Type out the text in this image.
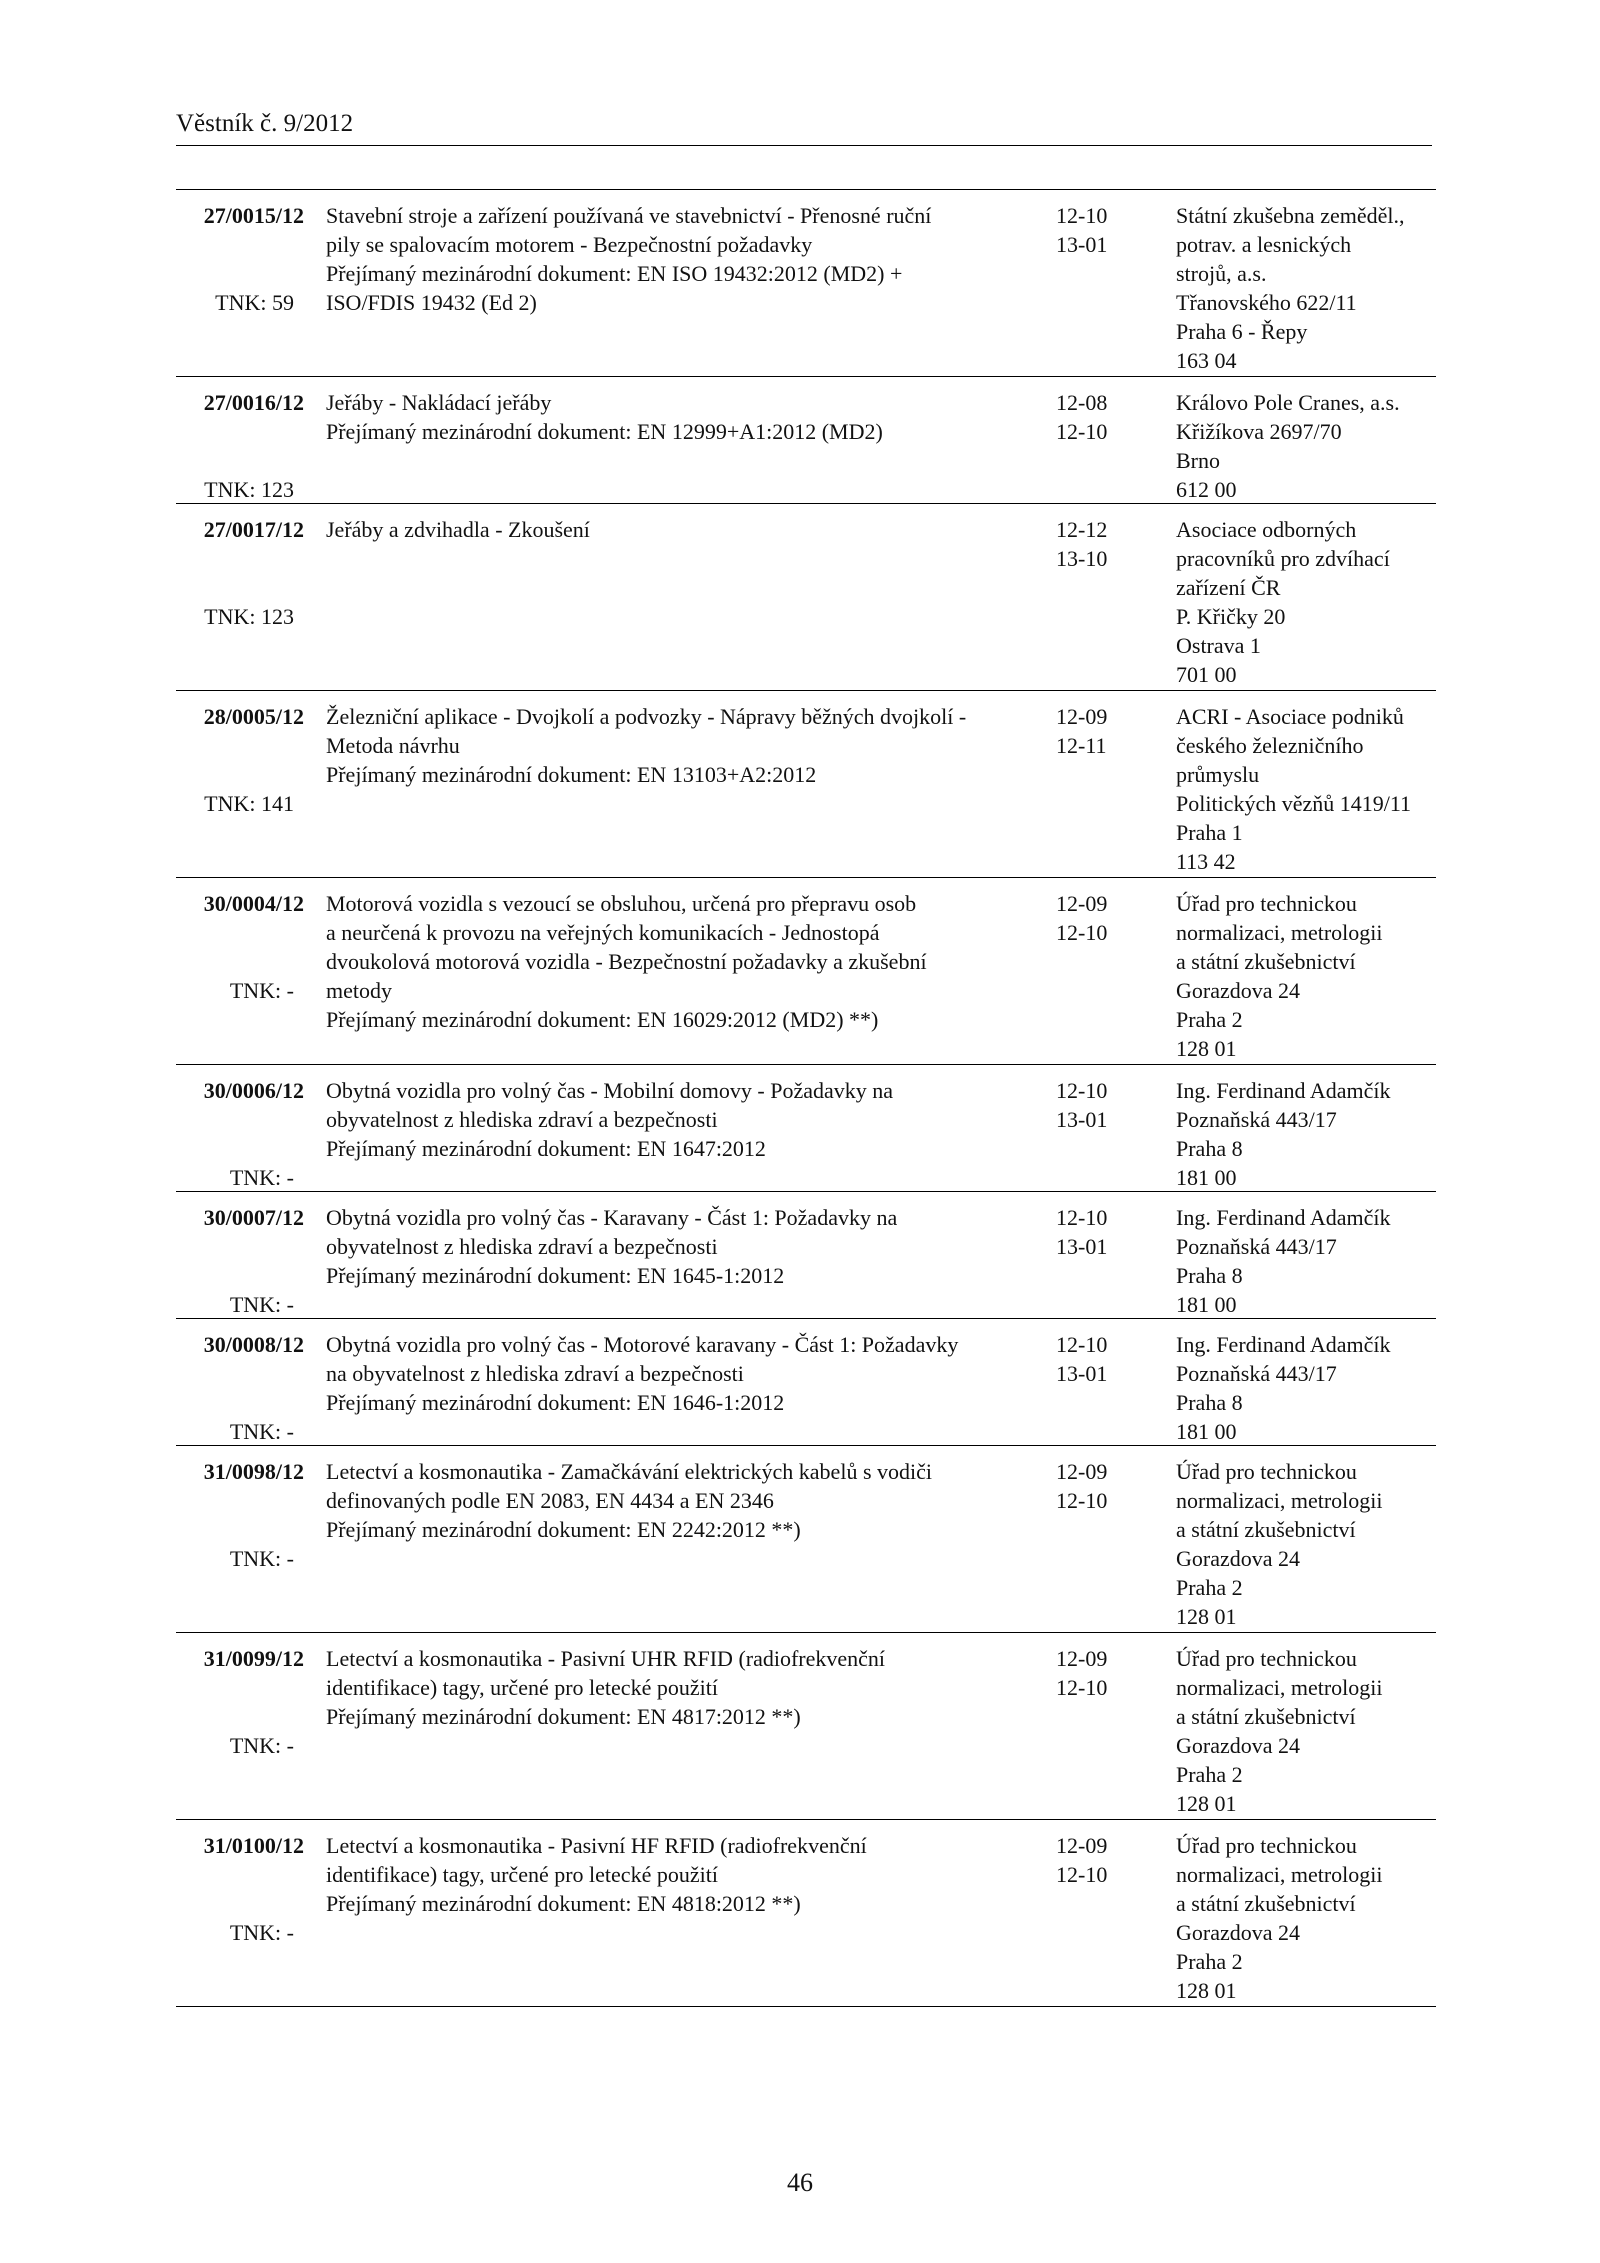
Věstník č. 9/2012
27/0015/12
TNK: 59
Stavební stroje a zařízení používaná ve stavebnictví - Přenosné ruční
pily se spalovacím motorem - Bezpečnostní požadavky
Přejímaný mezinárodní dokument: EN ISO 19432:2012 (MD2) +
ISO/FDIS 19432 (Ed 2)
12-10
13-01
Státní zkušebna zeměděl.,
potrav. a lesnických
strojů, a.s.
Třanovského 622/11
Praha 6 - Řepy
163 04
27/0016/12
TNK: 123
Jeřáby - Nakládací jeřáby
Přejímaný mezinárodní dokument: EN 12999+A1:2012 (MD2)
12-08
12-10
Královo Pole Cranes, a.s.
Křižíkova 2697/70
Brno
612 00
27/0017/12
TNK: 123
Jeřáby a zdvihadla - Zkoušení	12-12
13-10
Asociace odborných
pracovníků pro zdvíhací
zařízení ČR
P. Křičky 20
Ostrava 1
701 00
28/0005/12
TNK: 141
Železniční aplikace - Dvojkolí a podvozky - Nápravy běžných dvojkolí -
Metoda návrhu
Přejímaný mezinárodní dokument: EN 13103+A2:2012
12-09
12-11
ACRI - Asociace podniků
českého železničního
průmyslu
Politických vězňů 1419/11
Praha 1
113 42
30/0004/12
TNK: -
Motorová vozidla s vezoucí se obsluhou, určená pro přepravu osob
a neurčená k provozu na veřejných komunikacích - Jednostopá
dvoukolová motorová vozidla - Bezpečnostní požadavky a zkušební
metody
Přejímaný mezinárodní dokument: EN 16029:2012 (MD2) **)
12-09
12-10
Úřad pro technickou
normalizaci, metrologii
a státní zkušebnictví
Gorazdova 24
Praha 2
128 01
30/0006/12
TNK: -
Obytná vozidla pro volný čas - Mobilní domovy - Požadavky na
obyvatelnost z hlediska zdraví a bezpečnosti
Přejímaný mezinárodní dokument: EN 1647:2012
12-10
13-01
Ing. Ferdinand Adamčík
Poznaňská 443/17
Praha 8
181 00
30/0007/12
TNK: -
Obytná vozidla pro volný čas - Karavany - Část 1: Požadavky na
obyvatelnost z hlediska zdraví a bezpečnosti
Přejímaný mezinárodní dokument: EN 1645-1:2012
12-10
13-01
Ing. Ferdinand Adamčík
Poznaňská 443/17
Praha 8
181 00
30/0008/12
TNK: -
Obytná vozidla pro volný čas - Motorové karavany - Část 1: Požadavky
na obyvatelnost z hlediska zdraví a bezpečnosti
Přejímaný mezinárodní dokument: EN 1646-1:2012
12-10
13-01
Ing. Ferdinand Adamčík
Poznaňská 443/17
Praha 8
181 00
31/0098/12
TNK: -
Letectví a kosmonautika - Zamačkávání elektrických kabelů s vodiči
definovaných podle EN 2083, EN 4434 a EN 2346
Přejímaný mezinárodní dokument: EN 2242:2012 **)
12-09
12-10
Úřad pro technickou
normalizaci, metrologii
a státní zkušebnictví
Gorazdova 24
Praha 2
128 01
31/0099/12
TNK: -
Letectví a kosmonautika - Pasivní UHR RFID (radiofrekvenční
identifikace) tagy, určené pro letecké použití
Přejímaný mezinárodní dokument: EN 4817:2012 **)
12-09
12-10
Úřad pro technickou
normalizaci, metrologii
a státní zkušebnictví
Gorazdova 24
Praha 2
128 01
31/0100/12
TNK: -
Letectví a kosmonautika - Pasivní HF RFID (radiofrekvenční
identifikace) tagy, určené pro letecké použití
Přejímaný mezinárodní dokument: EN 4818:2012 **)
12-09
12-10
Úřad pro technickou
normalizaci, metrologii
a státní zkušebnictví
Gorazdova 24
Praha 2
128 01
46
